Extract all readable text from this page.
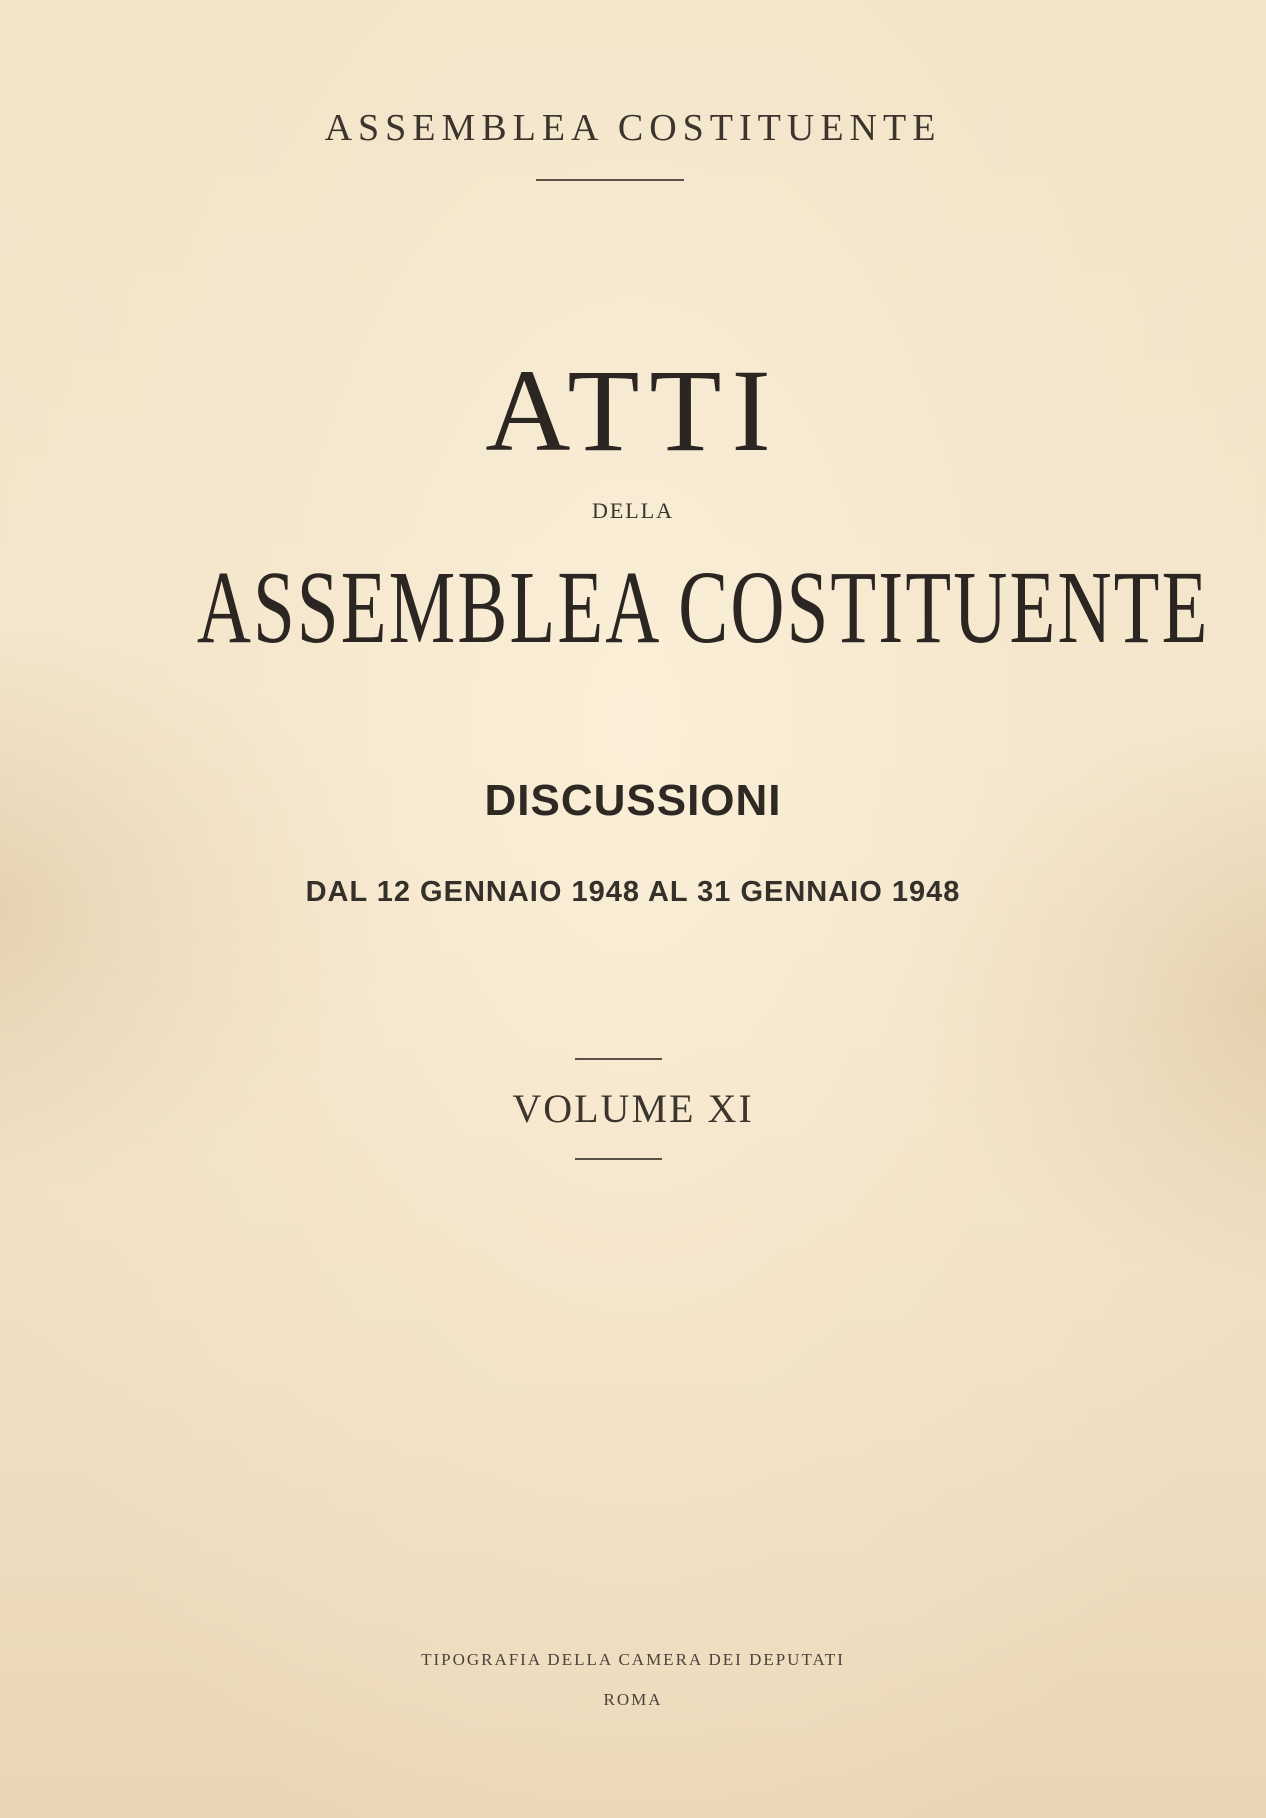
ASSEMBLEA COSTITUENTE
ATTI
DELLA
ASSEMBLEA COSTITUENTE
DISCUSSIONI
DAL 12 GENNAIO 1948 AL 31 GENNAIO 1948
VOLUME XI
TIPOGRAFIA DELLA CAMERA DEI DEPUTATI
ROMA
